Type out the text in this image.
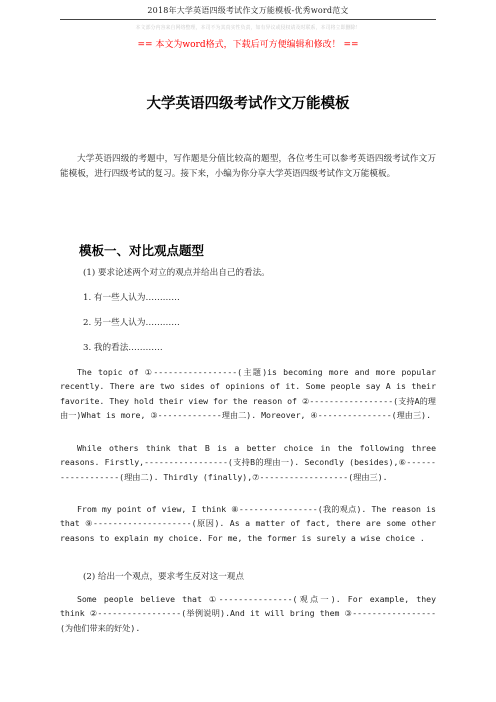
2018年大学英语四级考试作文万能模板-优秀word范文
本文部分内容来自网络整理，本司不为其真实性负责，如有异议或侵权请及时联系，本司将立即删除！
== 本文为word格式，下载后可方便编辑和修改！ ==
大学英语四级考试作文万能模板
大学英语四级的考题中，写作题是分值比较高的题型，各位考生可以参考英语四级考试作文万能模板，进行四级考试的复习。接下来，小编为你分享大学英语四级考试作文万能模板。
模板一、对比观点题型
(1) 要求论述两个对立的观点并给出自己的看法。
1. 有一些人认为…………
2. 另一些人认为…………
3. 我的看法…………
The topic of ①-----------------(主题)is becoming more and more popular recently. There are two sides of opinions of it. Some people say A is their favorite. They hold their view for the reason of ②-----------------(支持A的理由一)What is more, ③-------------理由二). Moreover, ④---------------(理由三).
While others think that B is a better choice in the following three reasons. Firstly,-----------------(支持B的理由一). Secondly (besides),⑥------------------(理由二). Thirdly (finally),⑦------------------(理由三).
From my point of view, I think ⑧----------------(我的观点). The reason is that ⑨--------------------(原因). As a matter of fact, there are some other reasons to explain my choice. For me, the former is surely a wise choice .
(2) 给出一个观点，要求考生反对这一观点
Some people believe that ①---------------(观点一). For example, they think ②-----------------(举例说明).And it will bring them ③-----------------(为他们带来的好处).
